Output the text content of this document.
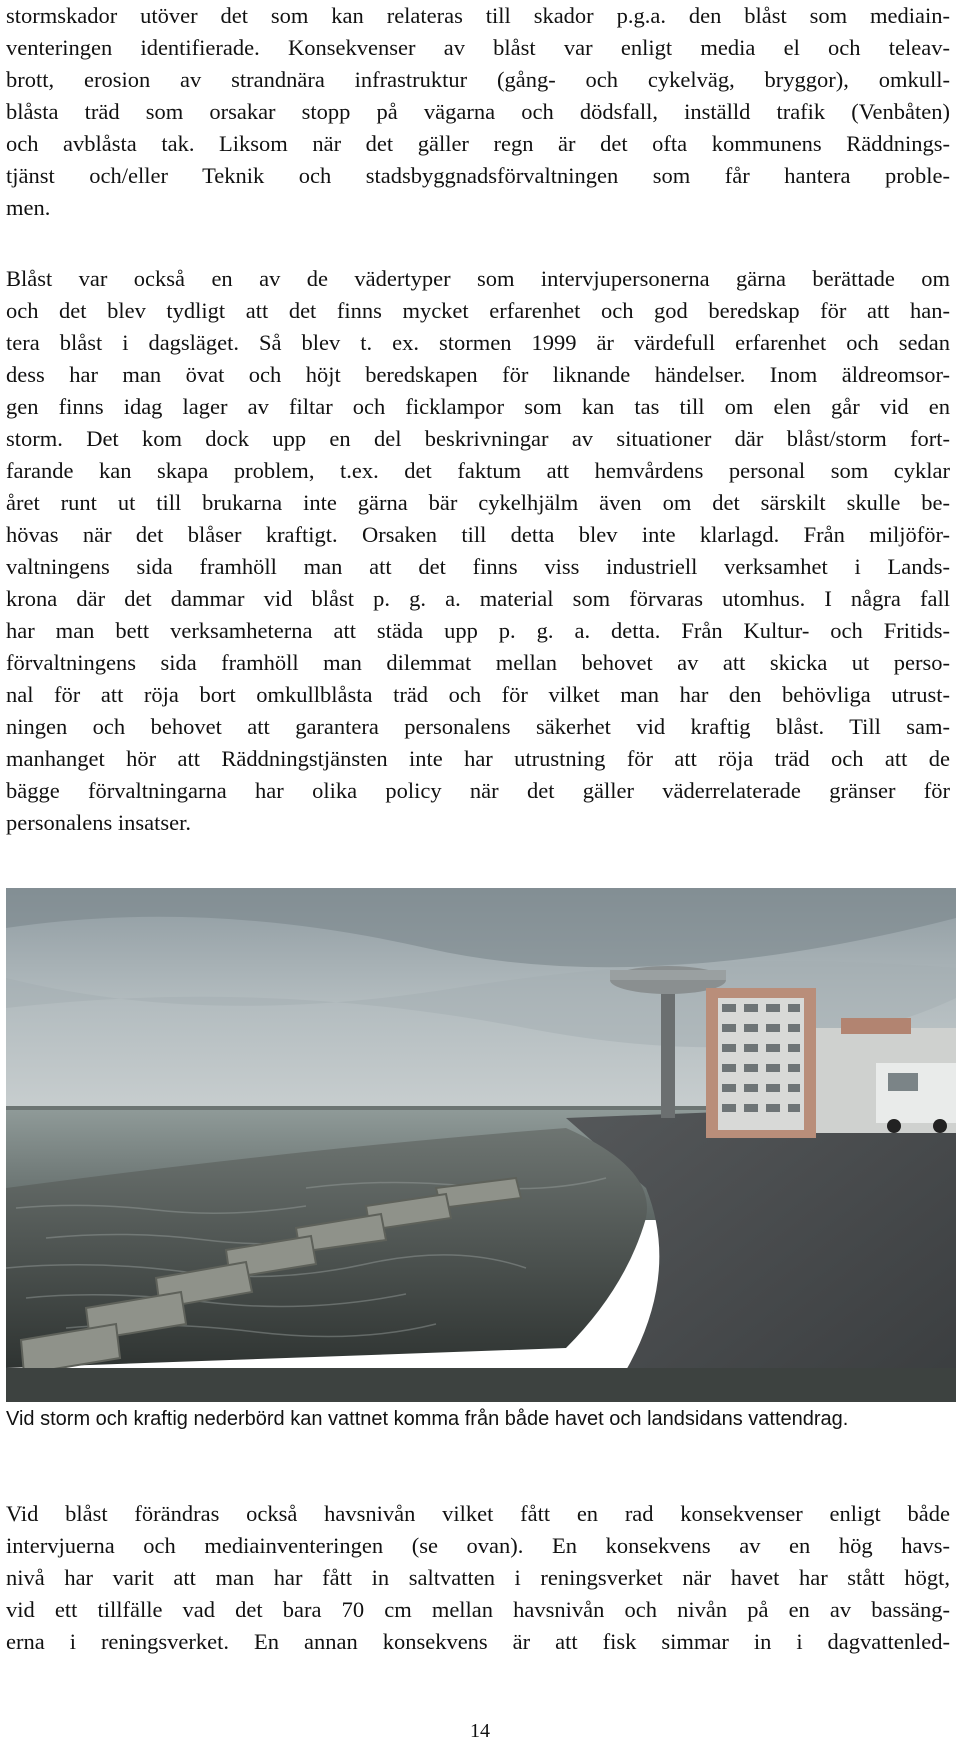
stormskador utöver det som kan relateras till skador p.g.a. den blåst som mediain-
venteringen identifierade. Konsekvenser av blåst var enligt media el och teleav-
brott, erosion av strandnära infrastruktur (gång- och cykelväg, bryggor), omkull-
blåsta träd som orsakar stopp på vägarna och dödsfall, inställd trafik (Venbåten)
och avblåsta tak. Liksom när det gäller regn är det ofta kommunens Räddnings-
tjänst och/eller Teknik och stadsbyggnadsförvaltningen som får hantera proble-
men.
Blåst var också en av de vädertyper som intervjupersonerna gärna berättade om
och det blev tydligt att det finns mycket erfarenhet och god beredskap för att han-
tera blåst i dagsläget. Så blev t. ex. stormen 1999 är värdefull erfarenhet och sedan
dess har man övat och höjt beredskapen för liknande händelser. Inom äldreomsor-
gen finns idag lager av filtar och ficklampor som kan tas till om elen går vid en
storm. Det kom dock upp en del beskrivningar av situationer där blåst/storm fort-
farande kan skapa problem, t.ex. det faktum att hemvårdens personal som cyklar
året runt ut till brukarna inte gärna bär cykelhjälm även om det särskilt skulle be-
hövas när det blåser kraftigt. Orsaken till detta blev inte klarlagd. Från miljöför-
valtningens sida framhöll man att det finns viss industriell verksamhet i Lands-
krona där det dammar vid blåst p. g. a. material som förvaras utomhus. I några fall
har man bett verksamheterna att städa upp p. g. a. detta. Från Kultur- och Fritids-
förvaltningens sida framhöll man dilemmat mellan behovet av att skicka ut perso-
nal för att röja bort omkullblåsta träd och för vilket man har den behövliga utrust-
ningen och behovet att garantera personalens säkerhet vid kraftig blåst. Till sam-
manhanget hör att Räddningstjänsten inte har utrustning för att röja träd och att de
bägge förvaltningarna har olika policy när det gäller väderrelaterade gränser för
personalens insatser.
Vid storm och kraftig nederbörd kan vattnet komma från både havet och landsidans vattendrag.
Vid blåst förändras också havsnivån vilket fått en rad konsekvenser enligt både
intervjuerna och mediainventeringen (se ovan). En konsekvens av en hög havs-
nivå har varit att man har fått in saltvatten i reningsverket när havet har stått högt,
vid ett tillfälle vad det bara 70 cm mellan havsnivån och nivån på en av bassäng-
erna i reningsverket. En annan konsekvens är att fisk simmar in i dagvattenled-
14
